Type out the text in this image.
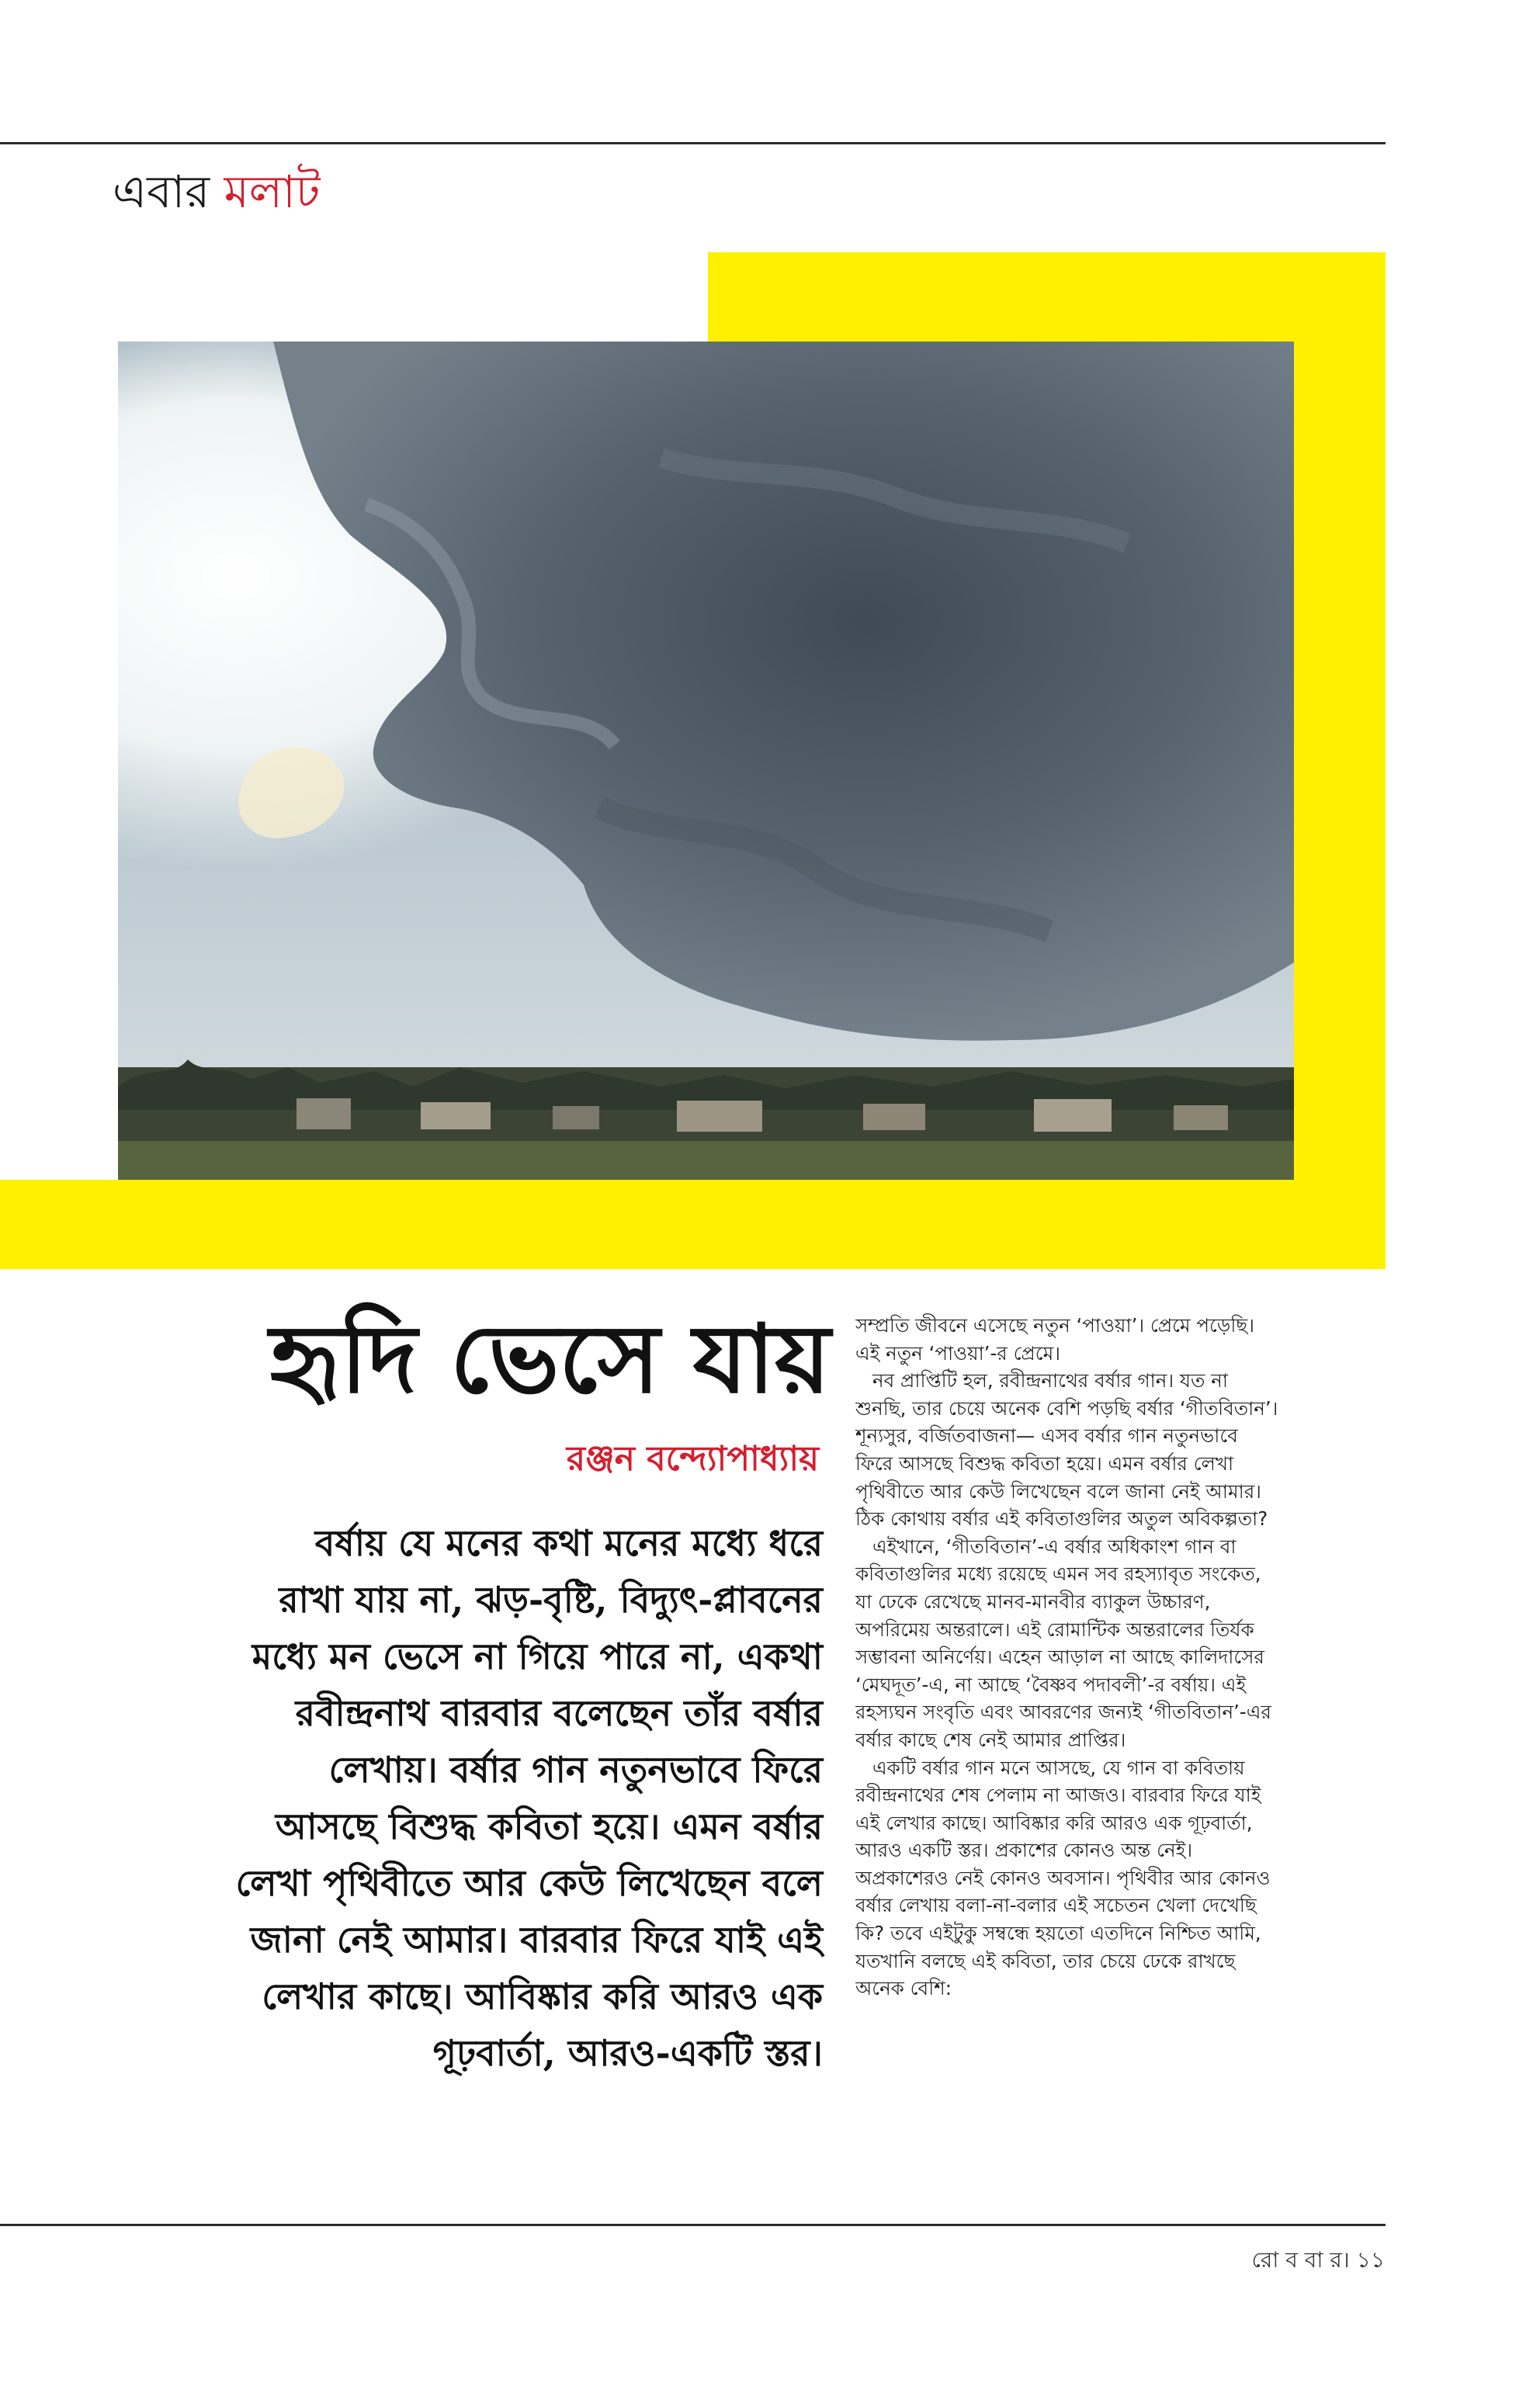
এবার মলাট
হৃদি ভেসে যায়
রঞ্জন বন্দ্যোপাধ্যায়
বর্ষায় যে মনের কথা মনের মধ্যে ধরে
রাখা যায় না, ঝড়-বৃষ্টি, বিদ্যুৎ-প্লাবনের
মধ্যে মন ভেসে না গিয়ে পারে না, একথা
রবীন্দ্রনাথ বারবার বলেছেন তাঁর বর্ষার
লেখায়। বর্ষার গান নতুনভাবে ফিরে
আসছে বিশুদ্ধ কবিতা হয়ে। এমন বর্ষার
লেখা পৃথিবীতে আর কেউ লিখেছেন বলে
জানা নেই আমার। বারবার ফিরে যাই এই
লেখার কাছে। আবিষ্কার করি আরও এক
গূঢ়বার্তা, আরও-একটি স্তর।
সম্প্রতি জীবনে এসেছে নতুন ‘পাওয়া’। প্রেমে পড়েছি।
এই নতুন ‘পাওয়া’-র প্রেমে।
নব প্রাপ্তিটি হল, রবীন্দ্রনাথের বর্ষার গান। যত না
শুনছি, তার চেয়ে অনেক বেশি পড়ছি বর্ষার ‘গীতবিতান’।
শূন্যসুর, বর্জিতবাজনা— এসব বর্ষার গান নতুনভাবে
ফিরে আসছে বিশুদ্ধ কবিতা হয়ে। এমন বর্ষার লেখা
পৃথিবীতে আর কেউ লিখেছেন বলে জানা নেই আমার।
ঠিক কোথায় বর্ষার এই কবিতাগুলির অতুল অবিকল্পতা?
এইখানে, ‘গীতবিতান’-এ বর্ষার অধিকাংশ গান বা
কবিতাগুলির মধ্যে রয়েছে এমন সব রহস্যাবৃত সংকেত,
যা ঢেকে রেখেছে মানব-মানবীর ব্যাকুল উচ্চারণ,
অপরিমেয় অন্তরালে। এই রোমান্টিক অন্তরালের তির্যক
সম্ভাবনা অনির্ণেয়। এহেন আড়াল না আছে কালিদাসের
‘মেঘদূত’-এ, না আছে ‘বৈষ্ণব পদাবলী’-র বর্ষায়। এই
রহস্যঘন সংবৃতি এবং আবরণের জন্যই ‘গীতবিতান’-এর
বর্ষার কাছে শেষ নেই আমার প্রাপ্তির।
একটি বর্ষার গান মনে আসছে, যে গান বা কবিতায়
রবীন্দ্রনাথের শেষ পেলাম না আজও। বারবার ফিরে যাই
এই লেখার কাছে। আবিষ্কার করি আরও এক গূঢ়বার্তা,
আরও একটি স্তর। প্রকাশের কোনও অন্ত নেই।
অপ্রকাশেরও নেই কোনও অবসান। পৃথিবীর আর কোনও
বর্ষার লেখায় বলা-না-বলার এই সচেতন খেলা দেখেছি
কি? তবে এইটুকু সম্বন্ধে হয়তো এতদিনে নিশ্চিত আমি,
যতখানি বলছে এই কবিতা, তার চেয়ে ঢেকে রাখছে
অনেক বেশি:
রো ব বা র। ১১
